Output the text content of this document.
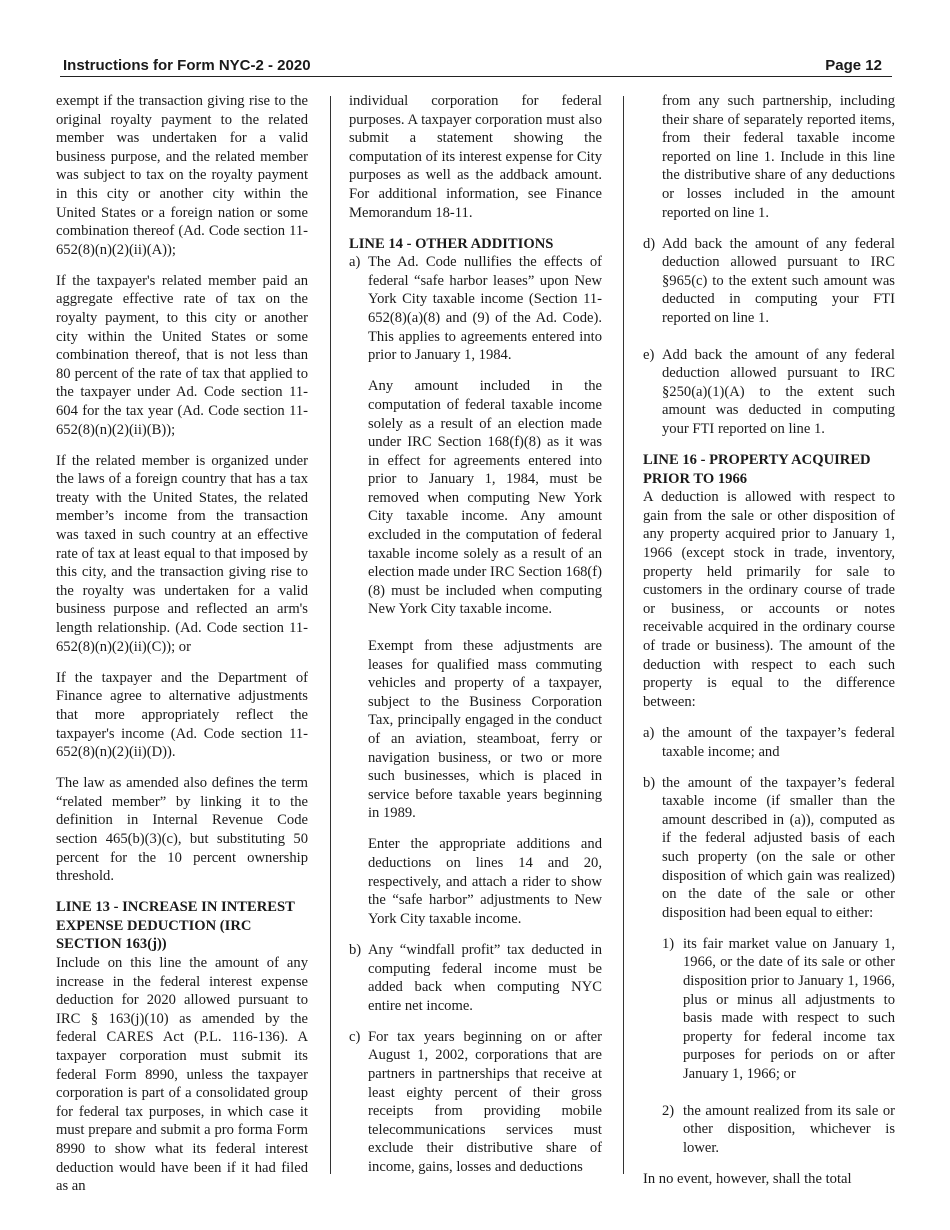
Instructions for Form NYC-2 - 2020	Page 12

exempt if the transaction giving rise to the original royalty payment to the related member was undertaken for a valid business purpose, and the related member was subject to tax on the royalty payment in this city or another city within the United States or a foreign nation or some combination thereof (Ad. Code section 11-652(8)(n)(2)(ii)(A));

If the taxpayer's related member paid an aggregate effective rate of tax on the royalty payment, to this city or another city within the United States or some combination thereof, that is not less than 80 percent of the rate of tax that applied to the taxpayer under Ad. Code section 11-604 for the tax year (Ad. Code section 11-652(8)(n)(2)(ii)(B));

If the related member is organized under the laws of a foreign country that has a tax treaty with the United States, the related member’s income from the transaction was taxed in such country at an effective rate of tax at least equal to that imposed by this city, and the transaction giving rise to the royalty was undertaken for a valid business purpose and reflected an arm's length relationship. (Ad. Code section 11- 652(8)(n)(2)(ii)(C)); or

If the taxpayer and the Department of Finance agree to alternative adjustments that more appropriately reflect the taxpayer's income (Ad. Code section 11-652(8)(n)(2)(ii)(D)).

The law as amended also defines the term “related member” by linking it to the definition in Internal Revenue Code section 465(b)(3)(c), but substituting 50 percent for the 10 percent ownership threshold.

LINE 13 - INCREASE IN INTEREST EXPENSE DEDUCTION (IRC SECTION 163(j))

Include on this line the amount of any increase in the federal interest expense deduction for 2020 allowed pursuant to IRC § 163(j)(10) as amended by the federal CARES Act (P.L. 116-136). A taxpayer corporation must submit its federal Form 8990, unless the taxpayer corporation is part of a consolidated group for federal tax purposes, in which case it must prepare and submit a pro forma Form 8990 to show what its federal interest deduction would have been if it had filed as an

individual corporation for federal purposes. A taxpayer corporation must also submit a statement showing the computation of its interest expense for City purposes as well as the addback amount. For additional information, see Finance Memorandum 18-11.

LINE 14 - OTHER ADDITIONS
a) The Ad. Code nullifies the effects of federal “safe harbor leases” upon New York City taxable income (Section 11-652(8)(a)(8) and (9) of the Ad. Code). This applies to agreements entered into prior to January 1, 1984.

Any amount included in the computation of federal taxable income solely as a result of an election made under IRC Section 168(f)(8) as it was in effect for agreements entered into prior to January 1, 1984, must be removed when computing New York City taxable income. Any amount excluded in the computation of federal taxable income solely as a result of an election made under IRC Section 168(f)(8) must be included when computing New York City taxable income.

Exempt from these adjustments are leases for qualified mass commuting vehicles and property of a taxpayer, subject to the Business Corporation Tax, principally engaged in the conduct of an aviation, steamboat, ferry or navigation business, or two or more such businesses, which is placed in service before taxable years beginning in 1989.

Enter the appropriate additions and deductions on lines 14 and 20, respectively, and attach a rider to show the “safe harbor” adjustments to New York City taxable income.

b) Any “windfall profit” tax deducted in computing federal income must be added back when computing NYC entire net income.
c) For tax years beginning on or after August 1, 2002, corporations that are partners in partnerships that receive at least eighty percent of their gross receipts from providing mobile telecommunications services must exclude their distributive share of income, gains, losses and deductions

from any such partnership, including their share of separately reported items, from their federal taxable income reported on line 1. Include in this line the distributive share of any deductions or losses included in the amount reported on line 1.

d) Add back the amount of any federal deduction allowed pursuant to IRC §965(c) to the extent such amount was deducted in computing your FTI reported on line 1.
e) Add back the amount of any federal deduction allowed pursuant to IRC §250(a)(1)(A) to the extent such amount was deducted in computing your FTI reported on line 1.
LINE 16 - PROPERTY ACQUIRED PRIOR TO 1966

A deduction is allowed with respect to gain from the sale or other disposition of any property acquired prior to January 1, 1966 (except stock in trade, inventory, property held primarily for sale to customers in the ordinary course of trade or business, or accounts or notes receivable acquired in the ordinary course of trade or business). The amount of the deduction with respect to each such property is equal to the difference between:

a) the amount of the taxpayer’s federal taxable income; and
b) the amount of the taxpayer’s federal taxable income (if smaller than the amount described in (a)), computed as if the federal adjusted basis of each such property (on the sale or other disposition of which gain was realized) on the date of the sale or other disposition had been equal to either:
1) its fair market value on January 1, 1966, or the date of its sale or other disposition prior to January 1, 1966, plus or minus all adjustments to basis made with respect to such property for federal income tax purposes for periods on or after January 1, 1966; or
2) the amount realized from its sale or other disposition, whichever is lower.

In no event, however, shall the total
